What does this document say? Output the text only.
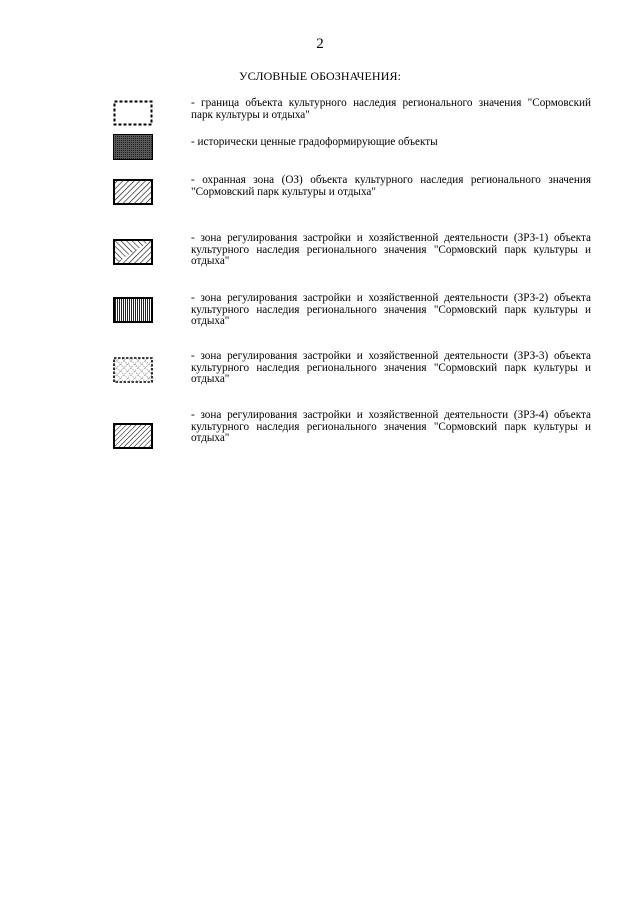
2
УСЛОВНЫЕ ОБОЗНАЧЕНИЯ:
- граница объекта культурного наследия регионального значения "Сормовский парк культуры и отдыха"
- исторически ценные градоформирующие объекты
- охранная зона (ОЗ) объекта культурного наследия регионального значения "Сормовский парк культуры и отдыха"
- зона регулирования застройки и хозяйственной деятельности (ЗРЗ-1) объекта культурного наследия регионального значения "Сормовский парк культуры и отдыха"
- зона регулирования застройки и хозяйственной деятельности (ЗРЗ-2) объекта культурного наследия регионального значения "Сормовский парк культуры и отдыха"
- зона регулирования застройки и хозяйственной деятельности (ЗРЗ-3) объекта культурного наследия регионального значения "Сормовский парк культуры и отдыха"
- зона регулирования застройки и хозяйственной деятельности (ЗРЗ-4) объекта культурного наследия регионального значения "Сормовский парк культуры и отдыха"
